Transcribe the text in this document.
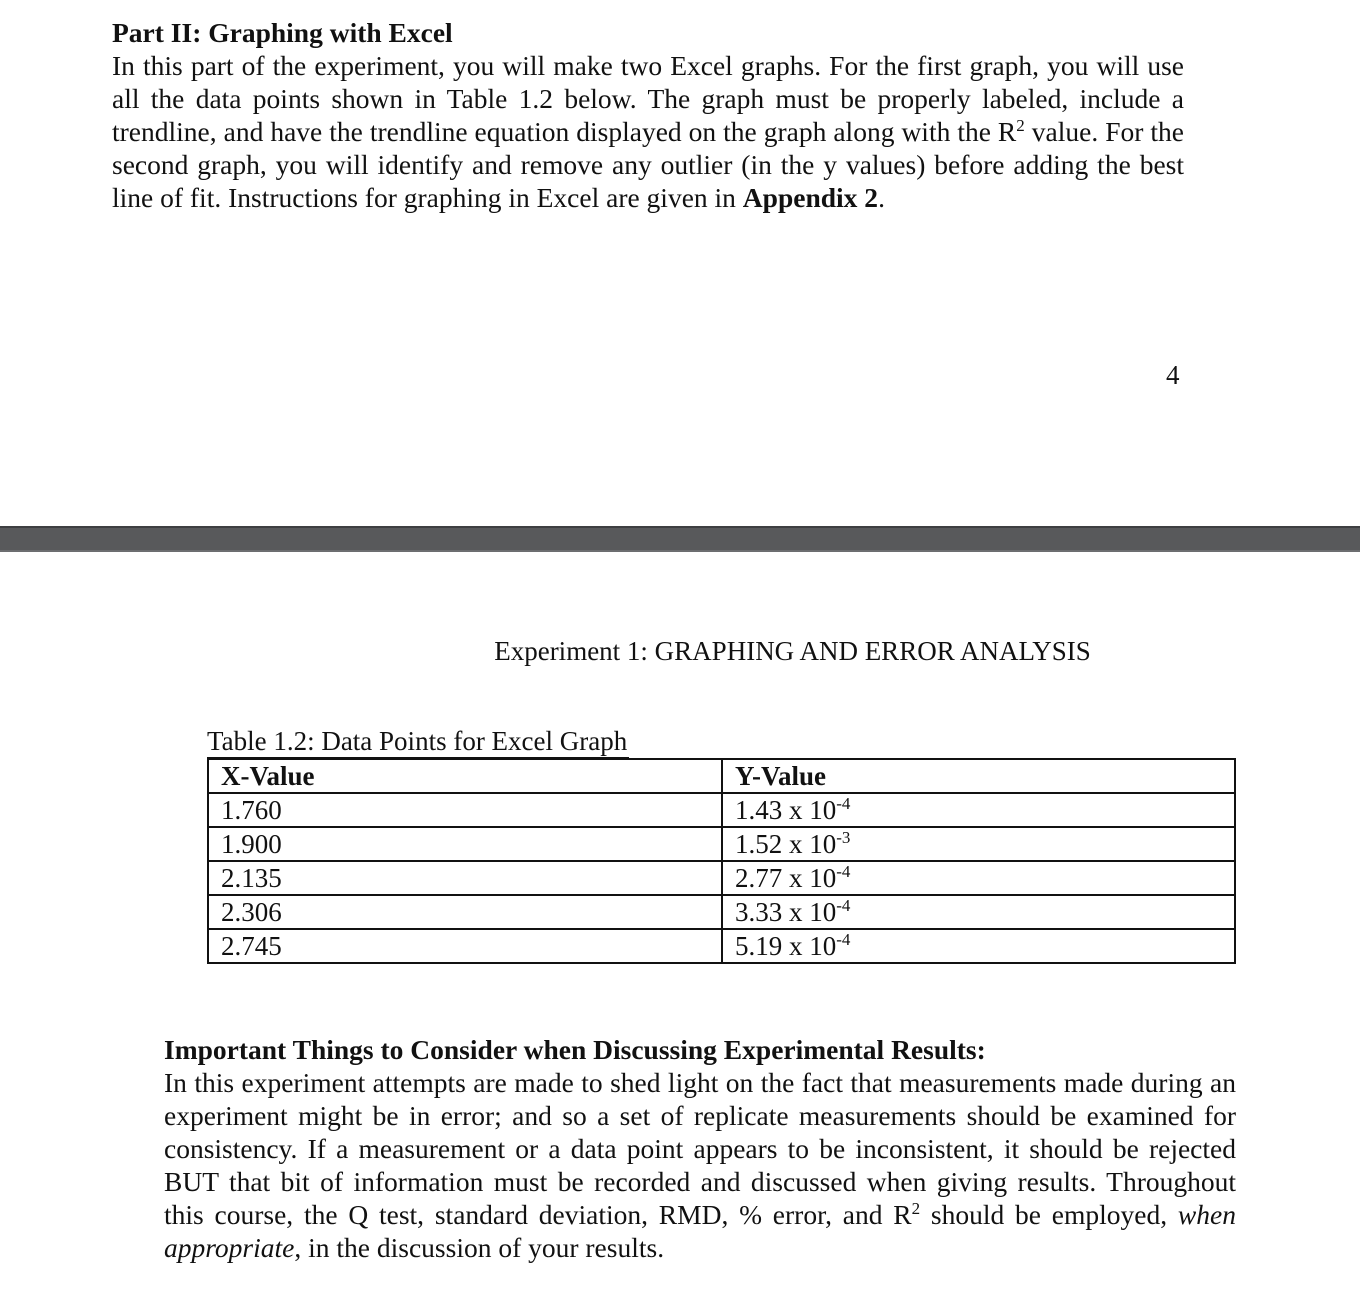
Part II: Graphing with Excel

In this part of the experiment, you will make two Excel graphs. For the first graph, you will use all the data points shown in Table 1.2 below. The graph must be properly labeled, include a trendline, and have the trendline equation displayed on the graph along with the $R^2$ value. For the second graph, you will identify and remove any outlier (in the y values) before adding the best line of fit. Instructions for graphing in Excel are given in Appendix 2.

4
Experiment 1: GRAPHING AND ERROR ANALYSIS
Table 1.2: Data Points for Excel Graph
X-Value	Y-Value
1.760	1.43 x $10^{-4}$
1.900	1.52 x $10^{-3}$
2.135	2.77 x $10^{-4}$
2.306	3.33 x $10^{-4}$
2.745	5.19 x $10^{-4}$
Important Things to Consider when Discussing Experimental Results:

In this experiment attempts are made to shed light on the fact that measurements made during an experiment might be in error; and so a set of replicate measurements should be examined for consistency. If a measurement or a data point appears to be inconsistent, it should be rejected BUT that bit of information must be recorded and discussed when giving results. Throughout this course, the Q test, standard deviation, RMD, % error, and $R^2$ should be employed, when appropriate, in the discussion of your results.
